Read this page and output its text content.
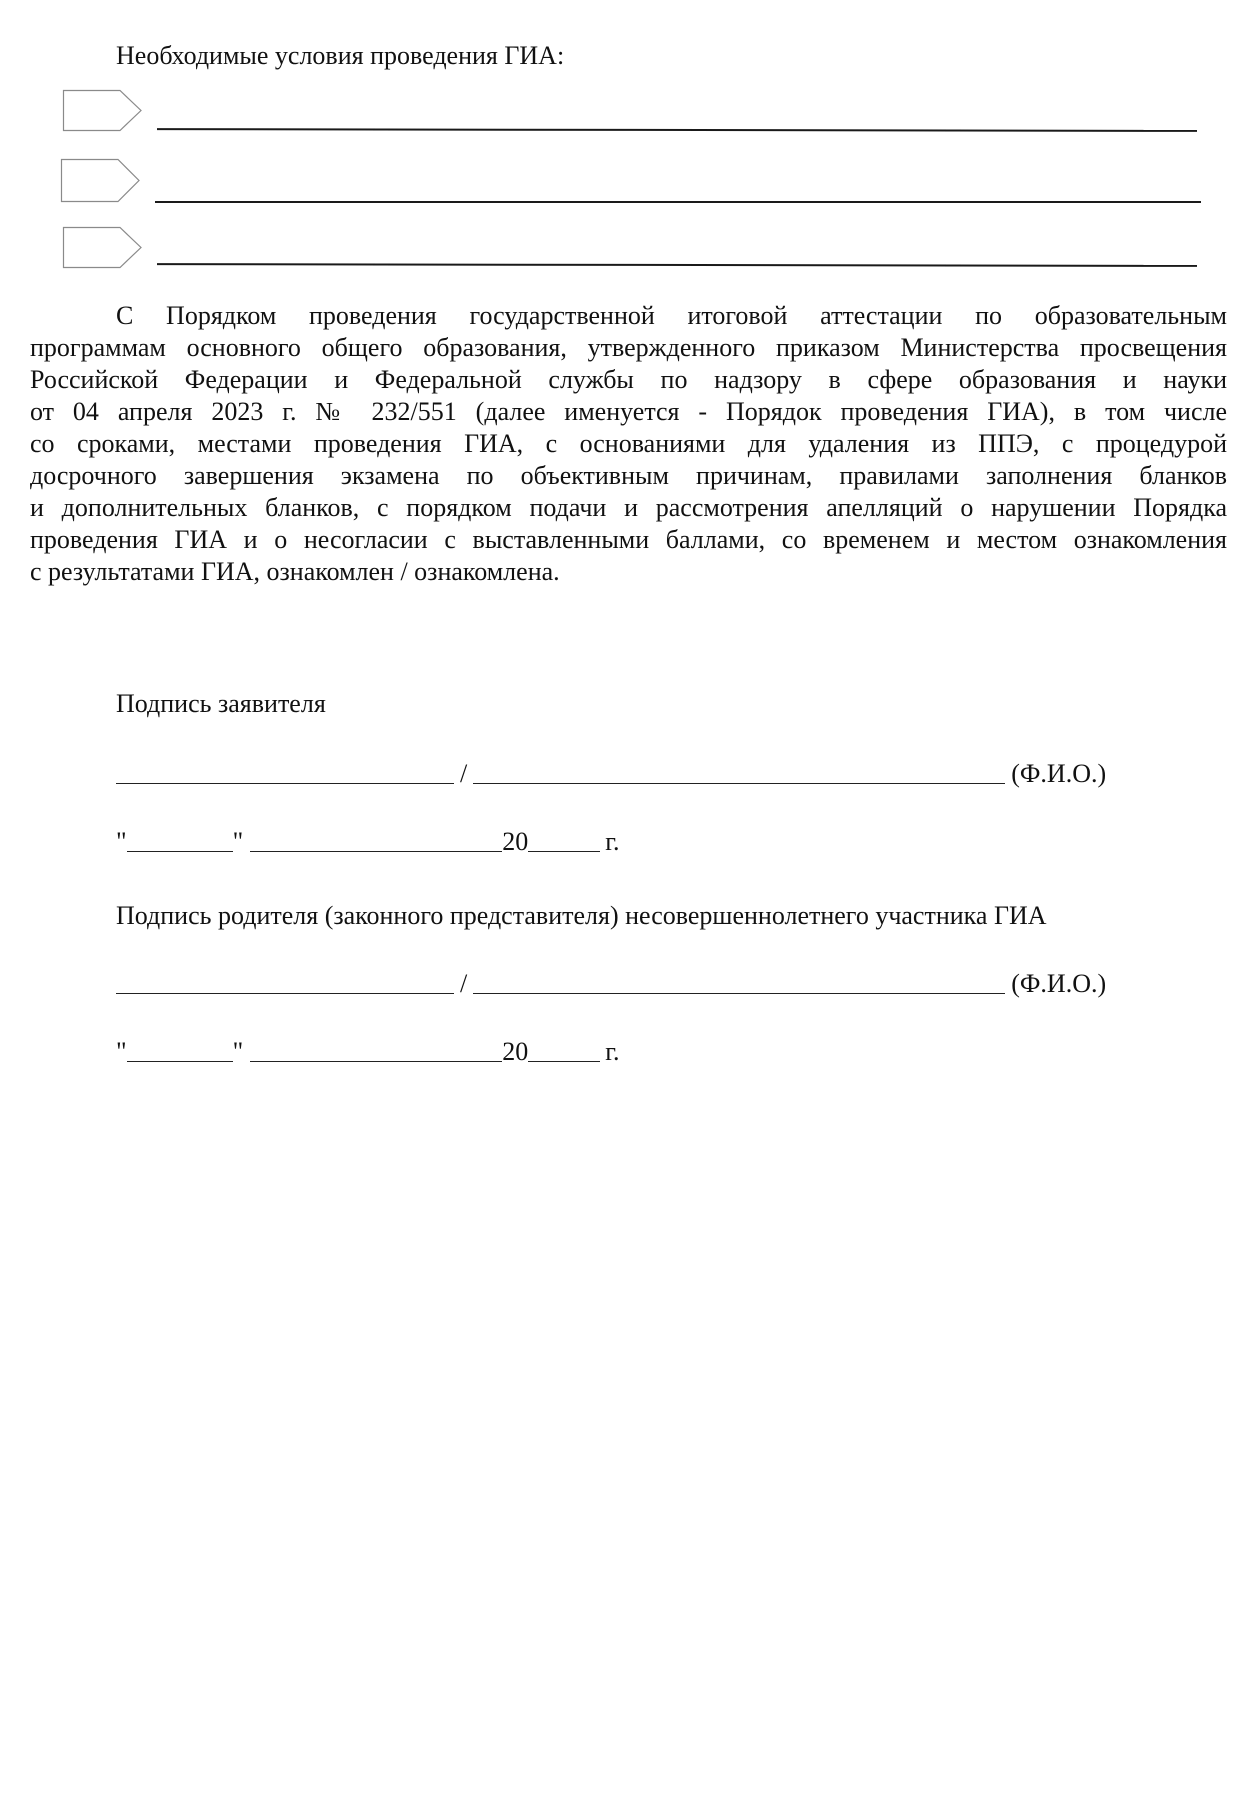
Необходимые условия проведения ГИА:
С Порядком проведения государственной итоговой аттестации по образовательным
программам основного общего образования, утвержденного приказом Министерства просвещения
Российской Федерации и Федеральной службы по надзору в сфере образования и науки
от 04 апреля 2023 г. № 232/551 (далее именуется - Порядок проведения ГИА), в том числе
со сроками, местами проведения ГИА, с основаниями для удаления из ППЭ, с процедурой
досрочного завершения экзамена по объективным причинам, правилами заполнения бланков
и дополнительных бланков, с порядком подачи и рассмотрения апелляций о нарушении Порядка
проведения ГИА и о несогласии с выставленными баллами, со временем и местом ознакомления
с результатами ГИА, ознакомлен / ознакомлена.
Подпись заявителя
/	(Ф.И.О.)
"	"	20	г.
Подпись родителя (законного представителя) несовершеннолетнего участника ГИА
/	(Ф.И.О.)
"	"	20	г.
